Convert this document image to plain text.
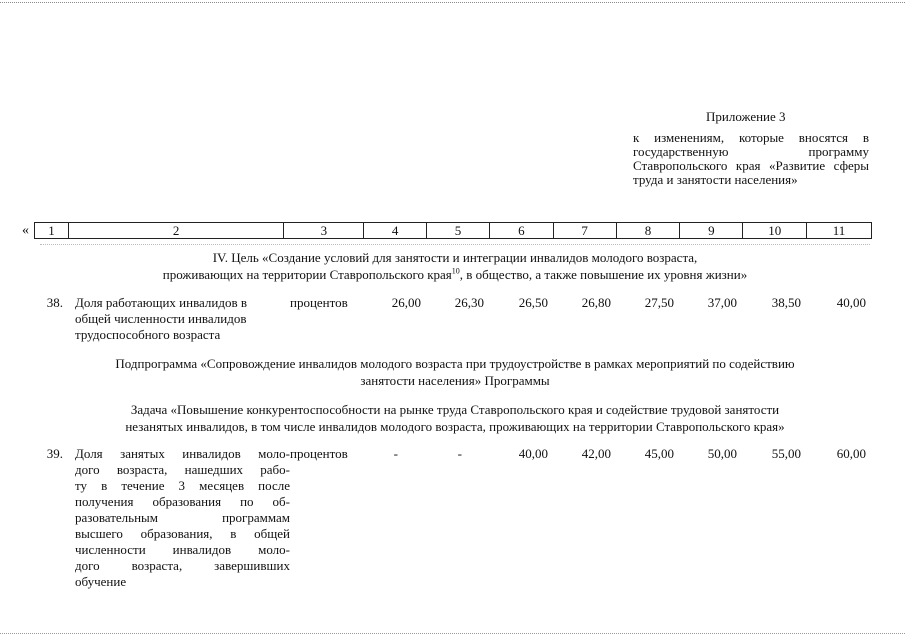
Приложение 3
к изменениям, которые вносятся в государственную программу Ставропольского края «Развитие сферы труда и занятости населения»
«	1	2	3	4	5	6	7	8	9	10	11
IV. Цель «Создание условий для занятости и интеграции инвалидов молодого возраста,
проживающих на территории Ставропольского края$^{10}$, в общество, а также повышение их уровня жизни»
38. Доля работающих инвалидов в
общей численности инвалидов
трудоспособного возраста
процентов	26,00	26,30	26,50	26,80	27,50	37,00	38,50	40,00
Подпрограмма «Сопровождение инвалидов молодого возраста при трудоустройстве в рамках мероприятий по содействию
занятости населения» Программы
Задача «Повышение конкурентоспособности на рынке труда Ставропольского края и содействие трудовой занятости
незанятых инвалидов, в том числе инвалидов молодого возраста, проживающих на территории Ставропольского края»
39. Доля занятых инвалидов моло-
дого возраста, нашедших рабо-
ту в течение 3 месяцев после
получения образования по об-
разовательным программам
высшего образования, в общей
численности инвалидов моло-
дого возраста, завершивших
обучение
процентов	-	-	40,00	42,00	45,00	50,00	55,00	60,00
